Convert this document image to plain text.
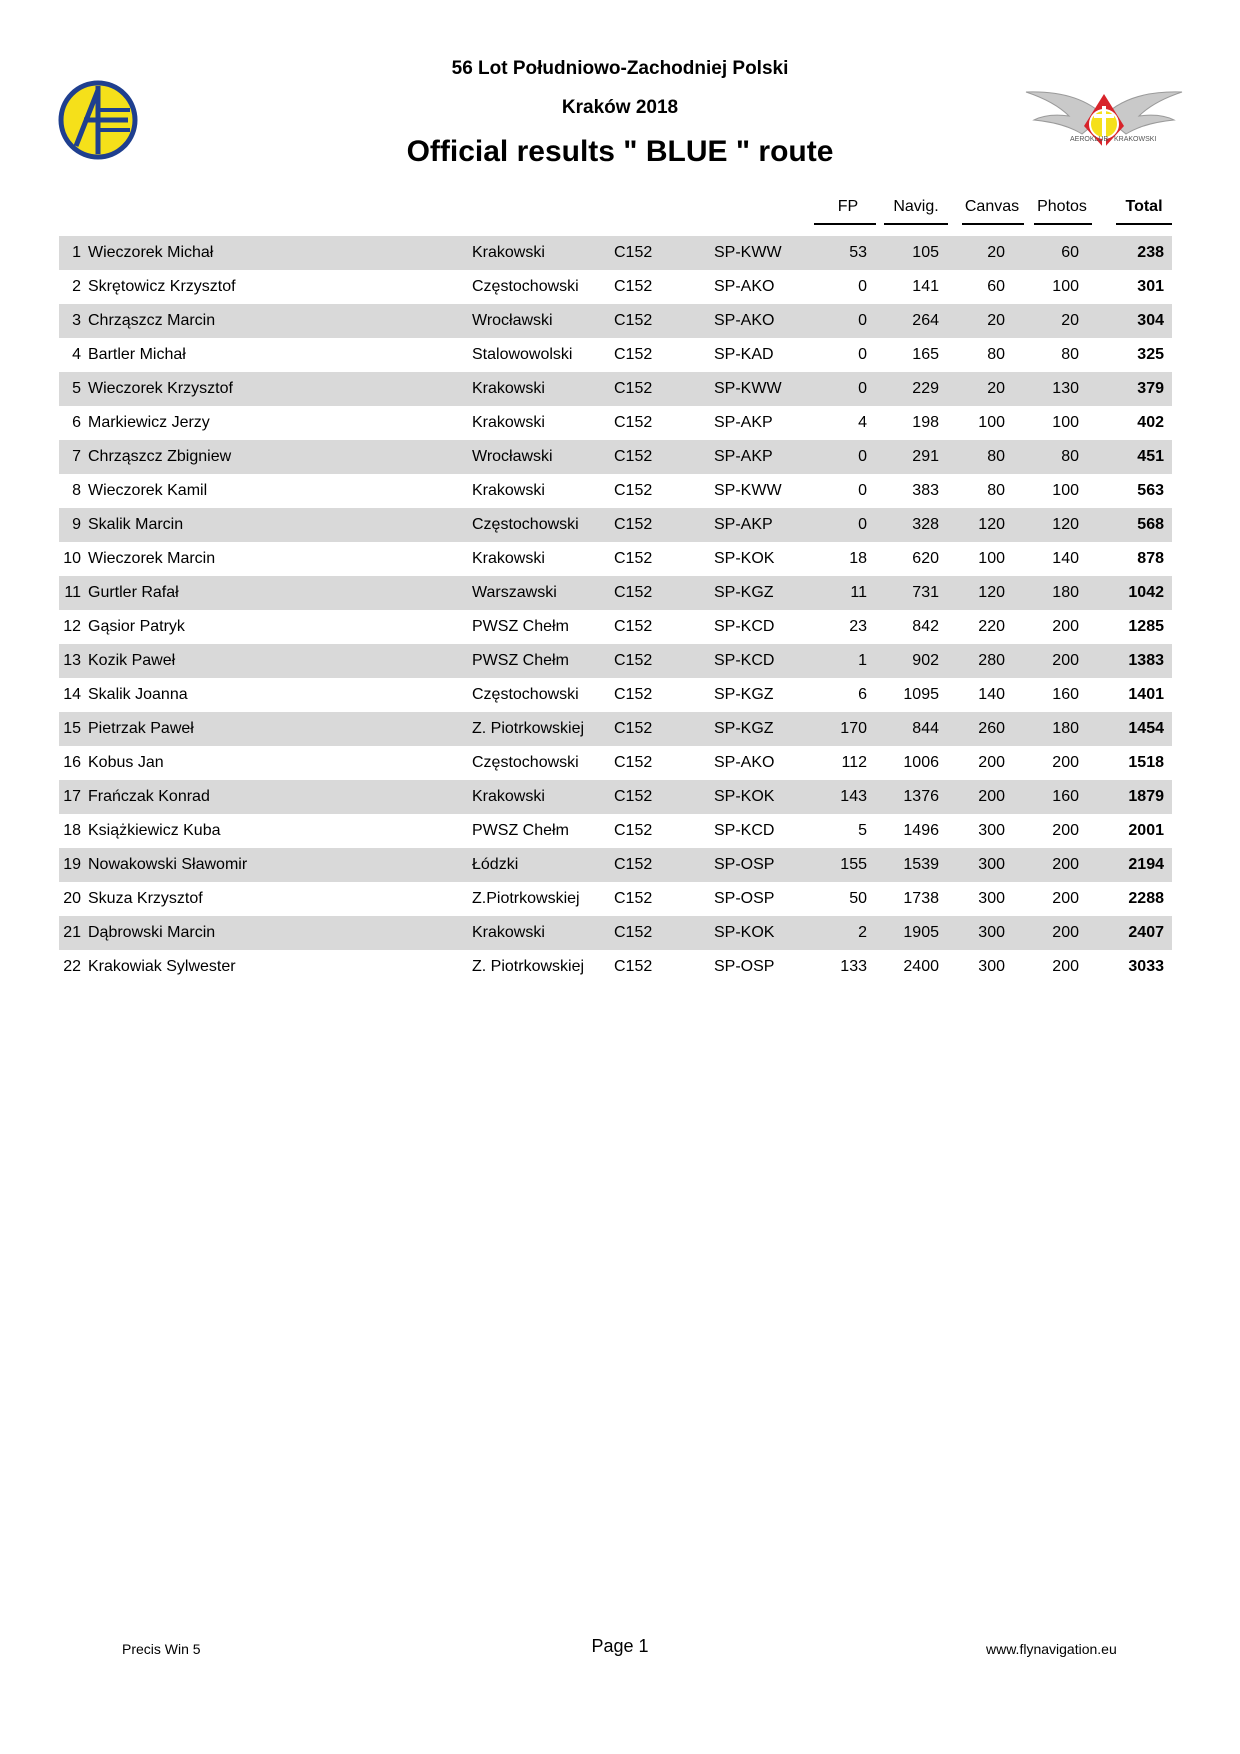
AEROKLUB KRAKOWSKI
56 Lot Południowo-Zachodniej Polski
Kraków 2018
Official results " BLUE " route
FP	Navig.	Canvas	Photos	Total
1 Wieczorek Michał	Krakowski	C152	SP-KWW	53	105	20	60	238
2 Skrętowicz Krzysztof	Częstochowski C152	SP-AKO	0	141	60	100	301
3 Chrząszcz Marcin	Wrocławski	C152	SP-AKO	0	264	20	20	304
4 Bartler Michał	Stalowowolski	C152	SP-KAD	0	165	80	80	325
5 Wieczorek Krzysztof	Krakowski	C152	SP-KWW	0	229	20	130	379
6 Markiewicz Jerzy	Krakowski	C152	SP-AKP	4	198	100	100	402
7 Chrząszcz Zbigniew	Wrocławski	C152	SP-AKP	0	291	80	80	451
8 Wieczorek Kamil	Krakowski	C152	SP-KWW	0	383	80	100	563
9 Skalik Marcin	Częstochowski C152	SP-AKP	0	328	120	120	568
10 Wieczorek Marcin	Krakowski	C152	SP-KOK	18	620	100	140	878
11 Gurtler Rafał	Warszawski	C152	SP-KGZ	11	731	120	180	1042
12 Gąsior Patryk	PWSZ Chełm	C152	SP-KCD	23	842	220	200	1285
13 Kozik Paweł	PWSZ Chełm	C152	SP-KCD	1	902	280	200	1383
14 Skalik Joanna	Częstochowski C152	SP-KGZ	6	1095	140	160	1401
15 Pietrzak Paweł	Z. Piotrkowskiej C152	SP-KGZ	170	844	260	180	1454
16 Kobus Jan	Częstochowski C152	SP-AKO	112	1006	200	200	1518
17 Frańczak Konrad	Krakowski	C152	SP-KOK	143	1376	200	160	1879
18 Książkiewicz Kuba	PWSZ Chełm	C152	SP-KCD	5	1496	300	200	2001
19 Nowakowski Sławomir	Łódzki	C152	SP-OSP	155	1539	300	200	2194
20 Skuza Krzysztof	Z.Piotrkowskiej C152	SP-OSP	50	1738	300	200	2288
21 Dąbrowski Marcin	Krakowski	C152	SP-KOK	2	1905	300	200	2407
22 Krakowiak Sylwester	Z. Piotrkowskiej C152	SP-OSP	133	2400	300	200	3033
Precis Win 5	Page 1	www.flynavigation.eu
